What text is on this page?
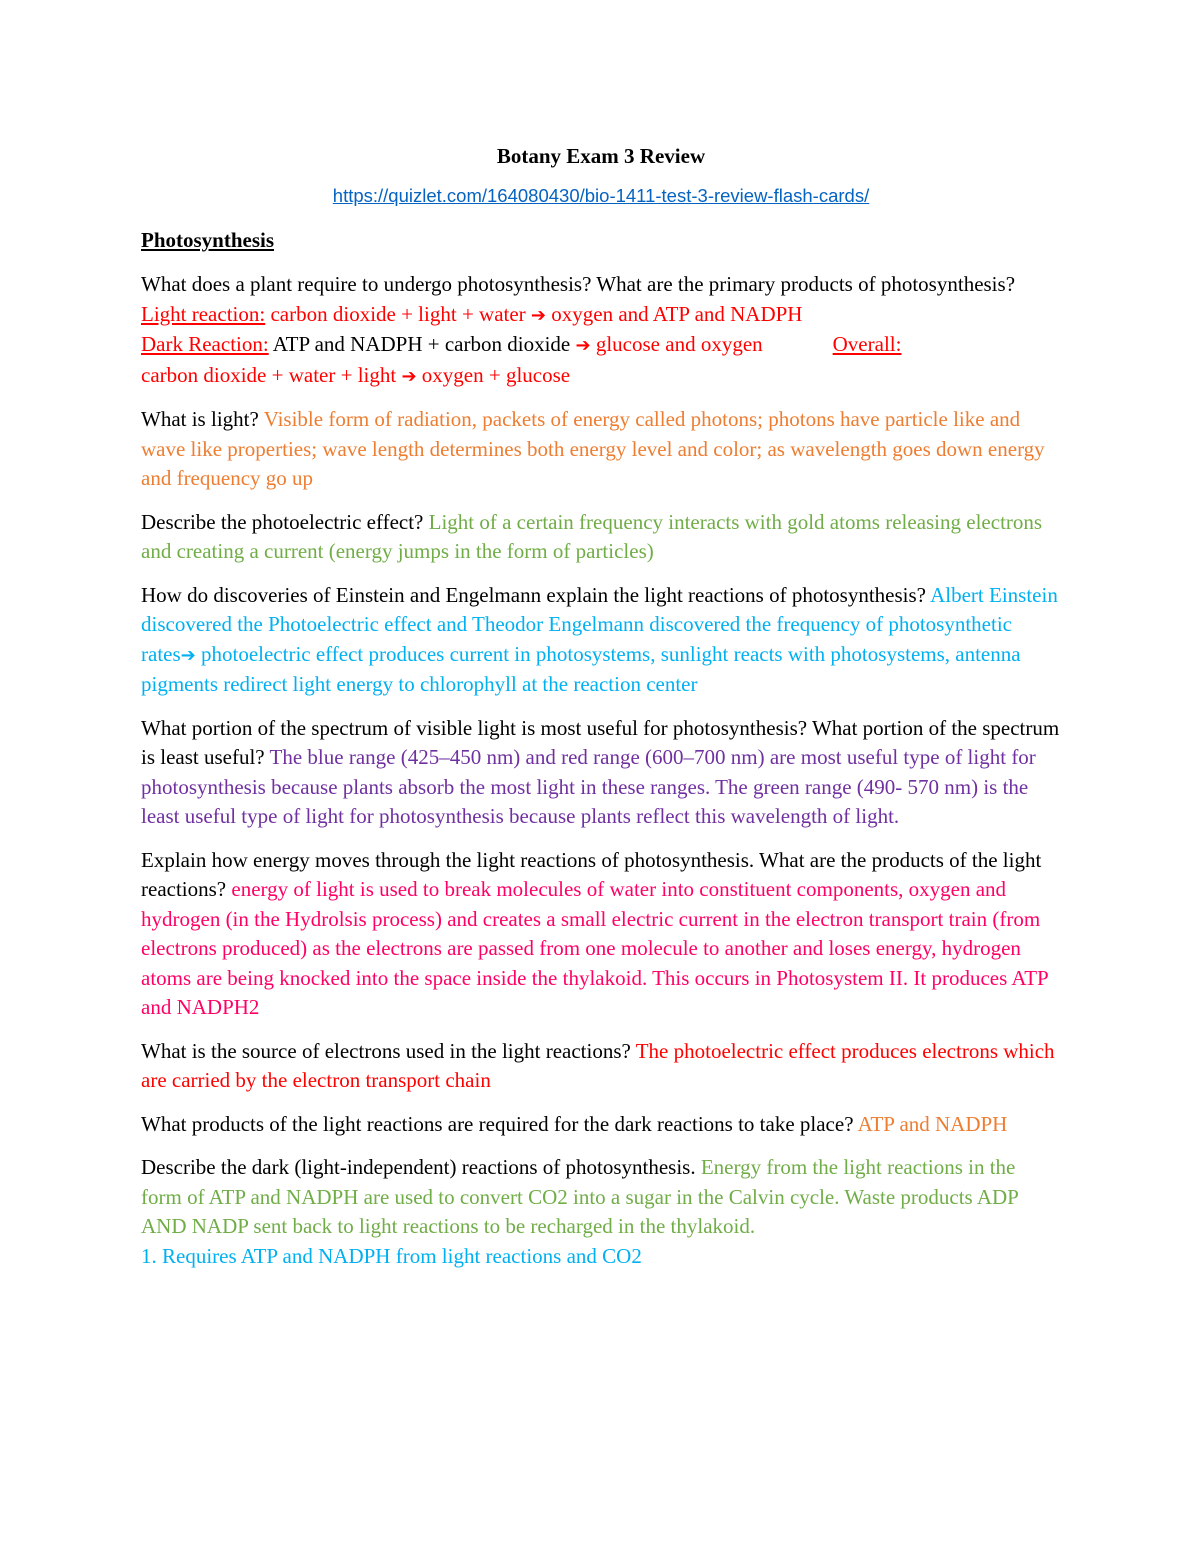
Botany Exam 3 Review
https://quizlet.com/164080430/bio-1411-test-3-review-flash-cards/
Photosynthesis

What does a plant require to undergo photosynthesis? What are the primary products of photosynthesis? Light reaction: carbon dioxide + light + water ➔ oxygen and ATP and NADPH
Dark Reaction: ATP and NADPH + carbon dioxide ➔ glucose and oxygen	Overall:
carbon dioxide + water + light ➔ oxygen + glucose

What is light? Visible form of radiation, packets of energy called photons; photons have particle like and wave like properties; wave length determines both energy level and color; as wavelength goes down energy and frequency go up

Describe the photoelectric effect? Light of a certain frequency interacts with gold atoms releasing electrons and creating a current (energy jumps in the form of particles)

How do discoveries of Einstein and Engelmann explain the light reactions of photosynthesis? Albert Einstein discovered the Photoelectric effect and Theodor Engelmann discovered the frequency of photosynthetic rates➔ photoelectric effect produces current in photosystems, sunlight reacts with photosystems, antenna pigments redirect light energy to chlorophyll at the reaction center

What portion of the spectrum of visible light is most useful for photosynthesis? What portion of the spectrum is least useful? The blue range (425–450 nm) and red range (600–700 nm) are most useful type of light for photosynthesis because plants absorb the most light in these ranges. The green range (490- 570 nm) is the least useful type of light for photosynthesis because plants reflect this wavelength of light.

Explain how energy moves through the light reactions of photosynthesis. What are the products of the light reactions? energy of light is used to break molecules of water into constituent components, oxygen and hydrogen (in the Hydrolsis process) and creates a small electric current in the electron transport train (from electrons produced) as the electrons are passed from one molecule to another and loses energy, hydrogen atoms are being knocked into the space inside the thylakoid. This occurs in Photosystem II. It produces ATP and NADPH2

What is the source of electrons used in the light reactions? The photoelectric effect produces electrons which are carried by the electron transport chain

What products of the light reactions are required for the dark reactions to take place? ATP and NADPH

Describe the dark (light-independent) reactions of photosynthesis. Energy from the light reactions in the form of ATP and NADPH are used to convert CO2 into a sugar in the Calvin cycle. Waste products ADP AND NADP sent back to light reactions to be recharged in the thylakoid.

1. Requires ATP and NADPH from light reactions and CO2
